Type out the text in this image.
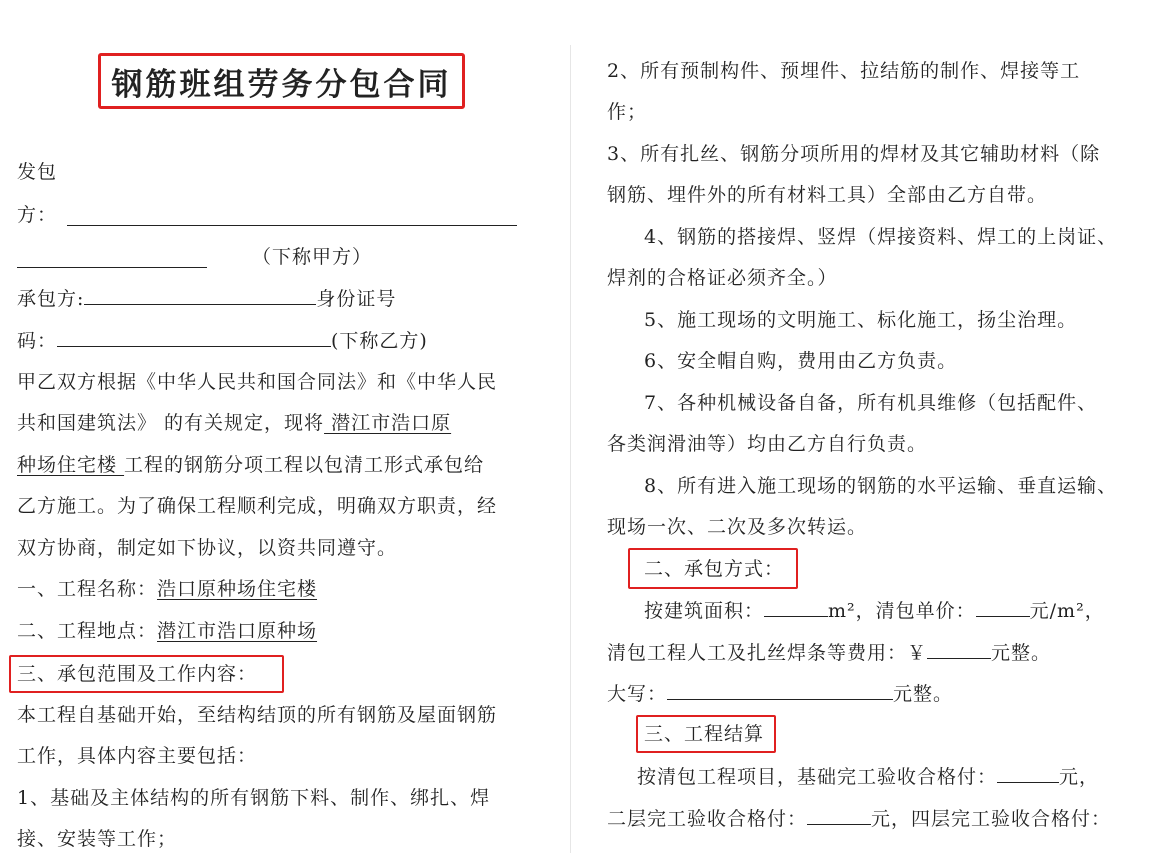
钢筋班组劳务分包合同
发包
方：
（下称甲方）
承包方:	身份证号
码：	(下称乙方)
甲乙双方根据《中华人民共和国合同法》和《中华人民
共和国建筑法》 的有关规定，现将 潜江市浩口原
种场住宅楼 工程的钢筋分项工程以包清工形式承包给
乙方施工。为了确保工程顺利完成，明确双方职责，经
双方协商，制定如下协议，以资共同遵守。
一、工程名称：浩口原种场住宅楼
二、工程地点：潜江市浩口原种场
三、承包范围及工作内容：
本工程自基础开始，至结构结顶的所有钢筋及屋面钢筋
工作，具体内容主要包括：
1、基础及主体结构的所有钢筋下料、制作、绑扎、焊
接、安装等工作；
2、所有预制构件、预埋件、拉结筋的制作、焊接等工
作；
3、所有扎丝、钢筋分项所用的焊材及其它辅助材料（除
钢筋、埋件外的所有材料工具）全部由乙方自带。
4、钢筋的搭接焊、竖焊（焊接资料、焊工的上岗证、
焊剂的合格证必须齐全。）
5、施工现场的文明施工、标化施工，扬尘治理。
6、安全帽自购，费用由乙方负责。
7、各种机械设备自备，所有机具维修（包括配件、
各类润滑油等）均由乙方自行负责。
8、所有进入施工现场的钢筋的水平运输、垂直运输、
现场一次、二次及多次转运。
二、承包方式：
按建筑面积：	m²，清包单价：	元/m²，
清包工程人工及扎丝焊条等费用：￥	元整。
大写：	元整。
三、工程结算
按清包工程项目，基础完工验收合格付：	元，
二层完工验收合格付：	元，四层完工验收合格付：
